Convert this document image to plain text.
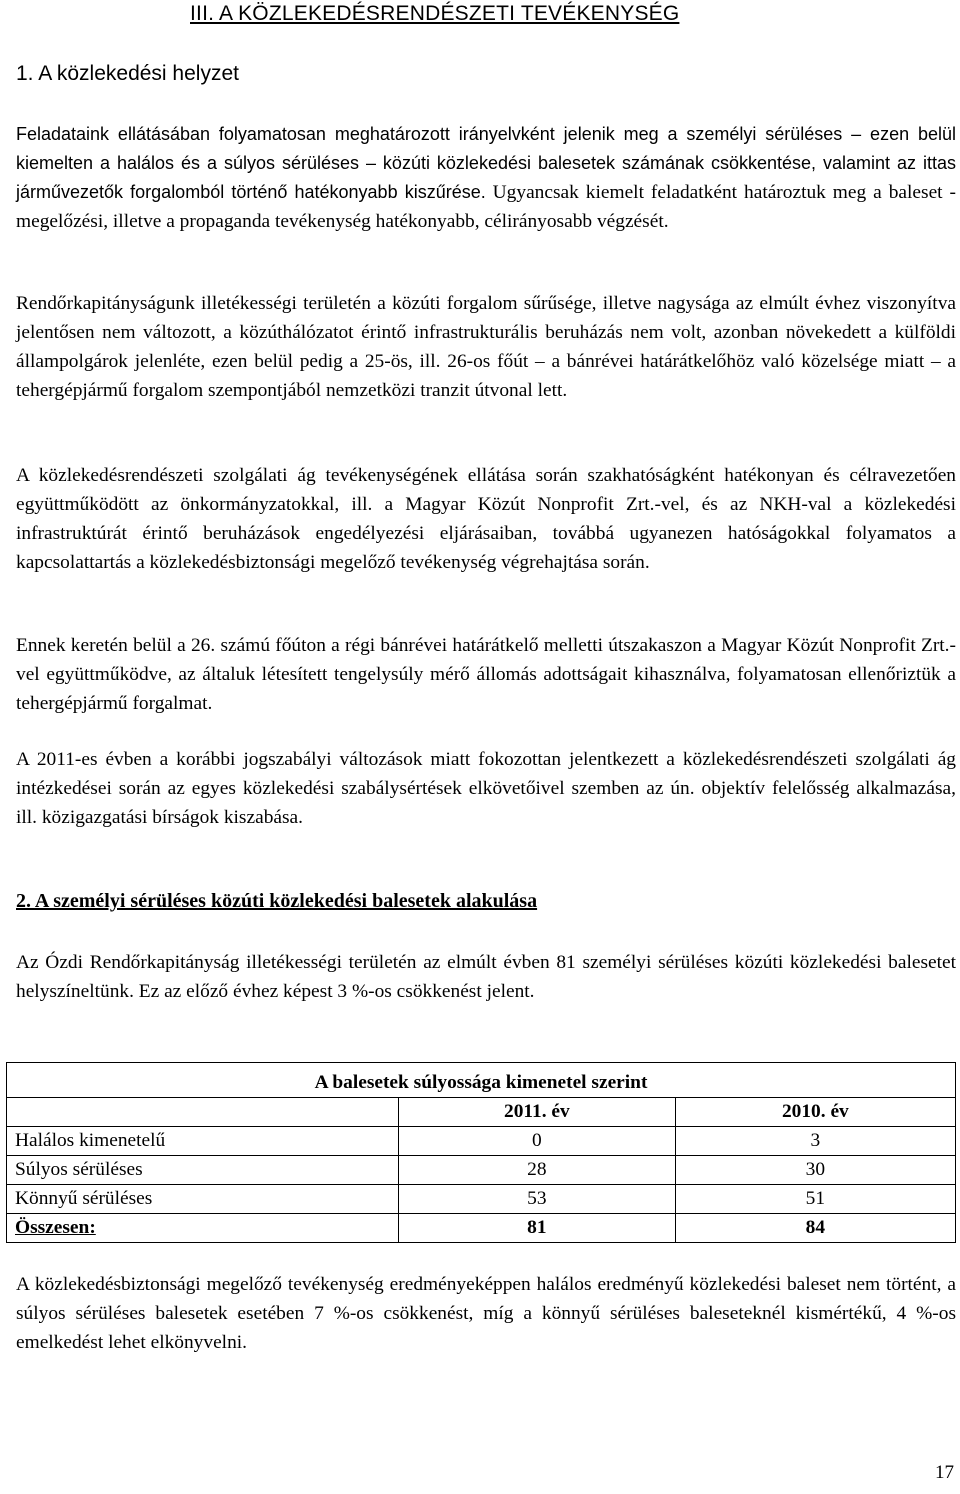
III. A KÖZLEKEDÉSRENDÉSZETI TEVÉKENYSÉG
1. A közlekedési helyzet

Feladataink ellátásában folyamatosan meghatározott irányelvként jelenik meg a személyi sérüléses – ezen belül kiemelten a halálos és a súlyos sérüléses – közúti közlekedési balesetek számának csökkentése, valamint az ittas járművezetők forgalomból történő hatékonyabb kiszűrése. Ugyancsak kiemelt feladatként határoztuk meg a baleset - megelőzési, illetve a propaganda tevékenység hatékonyabb, célirányosabb végzését.

Rendőrkapitányságunk illetékességi területén a közúti forgalom sűrűsége, illetve nagysága az elmúlt évhez viszonyítva jelentősen nem változott, a közúthálózatot érintő infrastrukturális beruházás nem volt, azonban növekedett a külföldi állampolgárok jelenléte, ezen belül pedig a 25-ös, ill. 26-os főút – a bánrévei határátkelőhöz való közelsége miatt – a tehergépjármű forgalom szempontjából nemzetközi tranzit útvonal lett.

A közlekedésrendészeti szolgálati ág tevékenységének ellátása során szakhatóságként hatékonyan és célravezetően együttműködött az önkormányzatokkal, ill. a Magyar Közút Nonprofit Zrt.-vel, és az NKH-val a közlekedési infrastruktúrát érintő beruházások engedélyezési eljárásaiban, továbbá ugyanezen hatóságokkal folyamatos a kapcsolattartás a közlekedésbiztonsági megelőző tevékenység végrehajtása során.

Ennek keretén belül a 26. számú főúton a régi bánrévei határátkelő melletti útszakaszon a Magyar Közút Nonprofit Zrt.-vel együttműködve, az általuk létesített tengelysúly mérő állomás adottságait kihasználva, folyamatosan ellenőriztük a tehergépjármű forgalmat.

A 2011-es évben a korábbi jogszabályi változások miatt fokozottan jelentkezett a közlekedésrendészeti szolgálati ág intézkedései során az egyes közlekedési szabálysértések elkövetőivel szemben az ún. objektív felelősség alkalmazása, ill. közigazgatási bírságok kiszabása.

2. A személyi sérüléses közúti közlekedési balesetek alakulása

Az Ózdi Rendőrkapitányság illetékességi területén az elmúlt évben 81 személyi sérüléses közúti közlekedési balesetet helyszíneltünk. Ez az előző évhez képest 3 %-os csökkenést jelent.

A balesetek súlyossága kimenetel szerint		
	2011. év	2010. év
Halálos kimenetelű	0	3
Súlyos sérüléses	28	30
Könnyű sérüléses	53	51
Összesen:	81	84

A közlekedésbiztonsági megelőző tevékenység eredményeképpen halálos eredményű közlekedési baleset nem történt, a súlyos sérüléses balesetek esetében 7 %-os csökkenést, míg a könnyű sérüléses baleseteknél kismértékű, 4 %-os emelkedést lehet elkönyvelni.

17
